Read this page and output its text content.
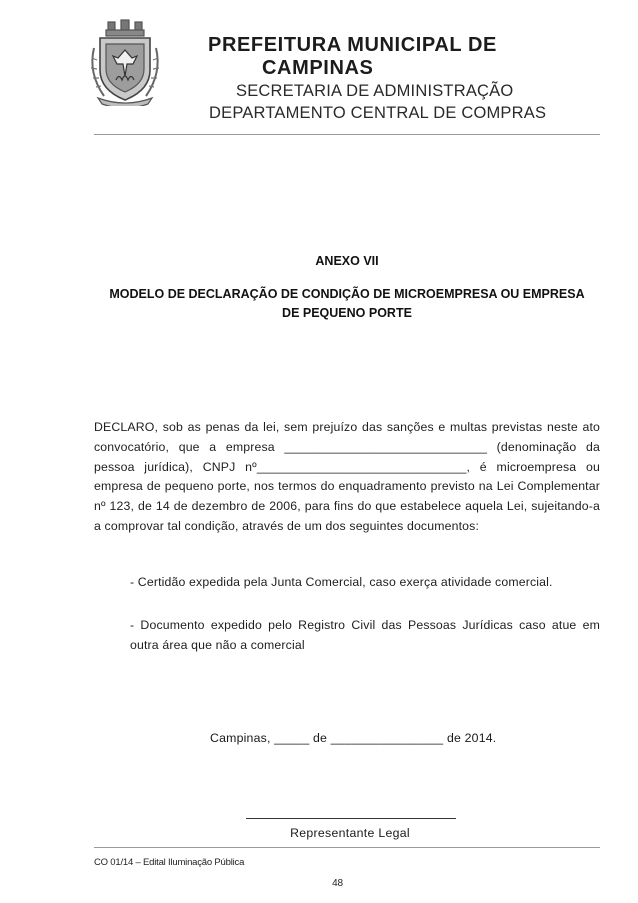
PREFEITURA MUNICIPAL DE
CAMPINAS
SECRETARIA DE ADMINISTRAÇÃO
DEPARTAMENTO CENTRAL DE COMPRAS
ANEXO VII
MODELO DE DECLARAÇÃO DE CONDIÇÃO DE MICROEMPRESA OU EMPRESA
DE PEQUENO PORTE

DECLARO, sob as penas da lei, sem prejuízo das sanções e multas previstas neste ato convocatório, que a empresa _____________________________ (denominação da pessoa jurídica), CNPJ nº______________________________, é microempresa ou empresa de pequeno porte, nos termos do enquadramento previsto na Lei Complementar nº 123, de 14 de dezembro de 2006, para fins do que estabelece aquela Lei, sujeitando-a a comprovar tal condição, através de um dos seguintes documentos:

- Certidão expedida pela Junta Comercial, caso exerça atividade comercial.
- Documento expedido pelo Registro Civil das Pessoas Jurídicas caso atue em outra área que não a comercial
Campinas, _____ de ________________ de 2014.
Representante Legal
CO 01/14 – Edital Iluminação Pública
48
